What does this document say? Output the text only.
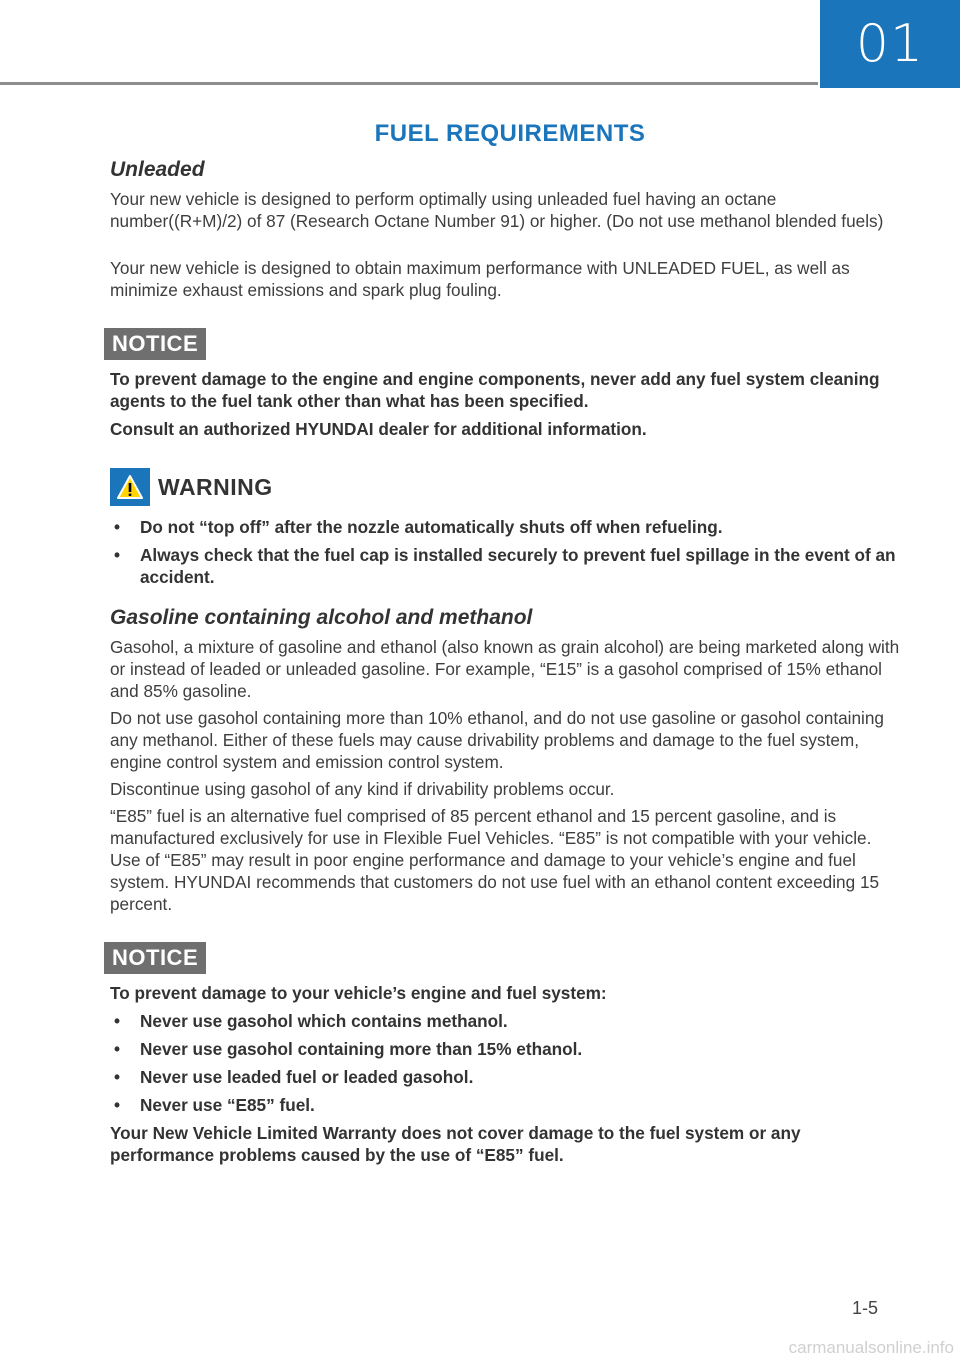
01
FUEL REQUIREMENTS
Unleaded
Your new vehicle is designed to perform optimally using unleaded fuel having an octane number((R+M)/2) of 87 (Research Octane Number 91) or higher. (Do not use methanol blended fuels)
Your new vehicle is designed to obtain maximum performance with UNLEADED FUEL, as well as minimize exhaust emissions and spark plug fouling.
NOTICE
To prevent damage to the engine and engine components, never add any fuel system cleaning agents to the fuel tank other than what has been specified.
Consult an authorized HYUNDAI dealer for additional information.
WARNING
•	Do not “top off” after the nozzle automatically shuts off when refueling.
•	Always check that the fuel cap is installed securely to prevent fuel spillage in the event of an accident.
Gasoline containing alcohol and methanol
Gasohol, a mixture of gasoline and ethanol (also known as grain alcohol) are being marketed along with or instead of leaded or unleaded gasoline. For example, “E15” is a gasohol comprised of 15% ethanol and 85% gasoline.
Do not use gasohol containing more than 10% ethanol, and do not use gasoline or gasohol containing any methanol. Either of these fuels may cause drivability problems and damage to the fuel system, engine control system and emission control system.
Discontinue using gasohol of any kind if drivability problems occur.
“E85” fuel is an alternative fuel comprised of 85 percent ethanol and 15 percent gasoline, and is manufactured exclusively for use in Flexible Fuel Vehicles. “E85” is not compatible with your vehicle. Use of “E85” may result in poor engine performance and damage to your vehicle’s engine and fuel system. HYUNDAI recommends that customers do not use fuel with an ethanol content exceeding 15 percent.
NOTICE
To prevent damage to your vehicle’s engine and fuel system:
•	Never use gasohol which contains methanol.
•	Never use gasohol containing more than 15% ethanol.
•	Never use leaded fuel or leaded gasohol.
•	Never use “E85” fuel.
Your New Vehicle Limited Warranty does not cover damage to the fuel system or any performance problems caused by the use of “E85” fuel.
1-5
carmanualsonline.info
